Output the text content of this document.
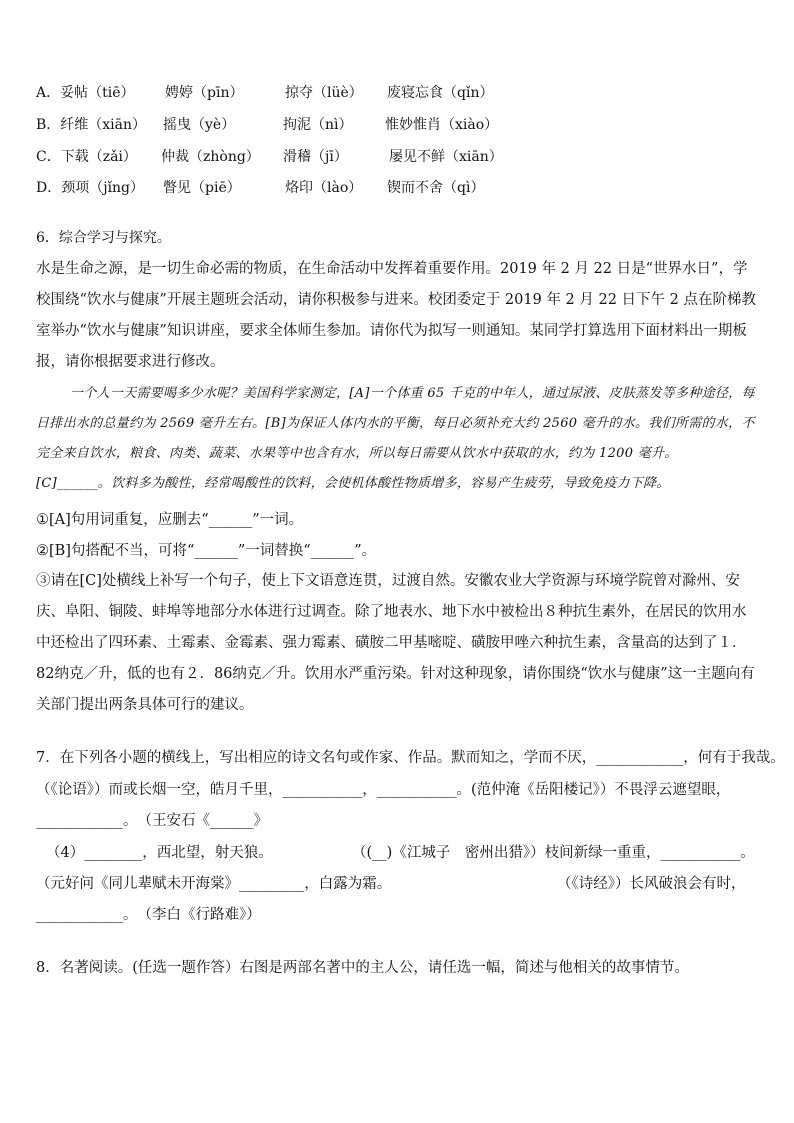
A．妥帖（tiē） 娉婷（pīn）	掠夺（lüè） 废寝忘食（qǐn）
B．纤维（xiān） 摇曳（yè）	拘泥（nì） 惟妙惟肖（xiào）
C．下载（zǎi） 仲裁（zhòng） 滑稽（jī）	屡见不鲜（xiān）
D．颈项（jǐng） 瞥见（piē）	烙印（lào） 锲而不舍（qì）
6．综合学习与探究。
水是生命之源，是一切生命必需的物质，在生命活动中发挥着重要作用。2019 年 2 月 22 日是“世界水日”，学校围绕“饮水与健康”开展主题班会活动，请你积极参与进来。校团委定于 2019 年 2 月 22 日下午 2 点在阶梯教室举办“饮水与健康”知识讲座，要求全体师生参加。请你代为拟写一则通知。某同学打算选用下面材料出一期板报，请你根据要求进行修改。
一个人一天需要喝多少水呢？美国科学家测定，[A]一个体重 65 千克的中年人，通过尿液、皮肤蒸发等多种途径，每日排出水的总量约为 2569 毫升左右。[B]为保证人体内水的平衡，每日必须补充大约 2560 毫升的水。我们所需的水，不完全来自饮水，粮食、肉类、蔬菜、水果等中也含有水，所以每日需要从饮水中获取的水，约为 1200 毫升。
[C]______。饮料多为酸性，经常喝酸性的饮料，会使机体酸性物质增多，容易产生疲劳，导致免疫力下降。
①[A]句用词重复，应删去“______”一词。
②[B]句搭配不当，可将“______”一词替换“______”。
③请在[C]处横线上补写一个句子，使上下文语意连贯，过渡自然。安徽农业大学资源与环境学院曾对滁州、安庆、阜阳、铜陵、蚌埠等地部分水体进行过调查。除了地表水、地下水中被检出８种抗生素外，在居民的饮用水中还检出了四环素、土霉素、金霉素、强力霉素、磺胺二甲基嘧啶、磺胺甲唑六种抗生素，含量高的达到了１．82纳克／升，低的也有２．86纳克／升。饮用水严重污染。针对这种现象，请你围绕“饮水与健康”这一主题向有关部门提出两条具体可行的建议。
7．在下列各小题的横线上，写出相应的诗文名句或作家、作品。默而知之，学而不厌，____________，何有于我哉。
（《论语》）而或长烟一空，皓月千里，___________，___________。(范仲淹《岳阳楼记》）不畏浮云遮望眼，
____________。　（王安石《______》
（4）________，西北望，射天狼。	（(__)《江城子　密州出猎》）枝间新绿一重重，___________。
（元好问《同儿辈赋未开海棠》_________，白露为霜。	（《诗经》）长风破浪会有时，
____________。　（李白《行路难》）
8．名著阅读。(任选一题作答）右图是两部名著中的主人公，请任选一幅，简述与他相关的故事情节。
